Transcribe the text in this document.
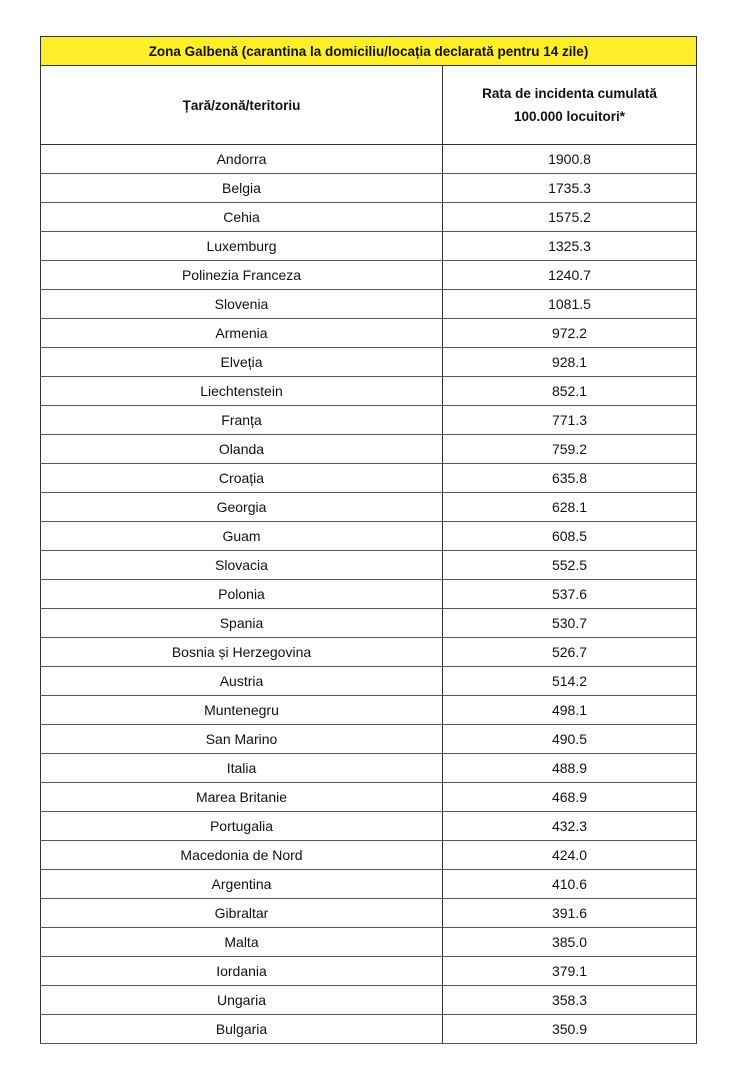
Zona Galbenă (carantina la domiciliu/locația declarată pentru 14 zile)	
Țară/zonă/teritoriu	Rata de incidenta cumulată
100.000 locuitori*
Andorra	1900.8
Belgia	1735.3
Cehia	1575.2
Luxemburg	1325.3
Polinezia Franceza	1240.7
Slovenia	1081.5
Armenia	972.2
Elveția	928.1
Liechtenstein	852.1
Franța	771.3
Olanda	759.2
Croația	635.8
Georgia	628.1
Guam	608.5
Slovacia	552.5
Polonia	537.6
Spania	530.7
Bosnia și Herzegovina	526.7
Austria	514.2
Muntenegru	498.1
San Marino	490.5
Italia	488.9
Marea Britanie	468.9
Portugalia	432.3
Macedonia de Nord	424.0
Argentina	410.6
Gibraltar	391.6
Malta	385.0
Iordania	379.1
Ungaria	358.3
Bulgaria	350.9
